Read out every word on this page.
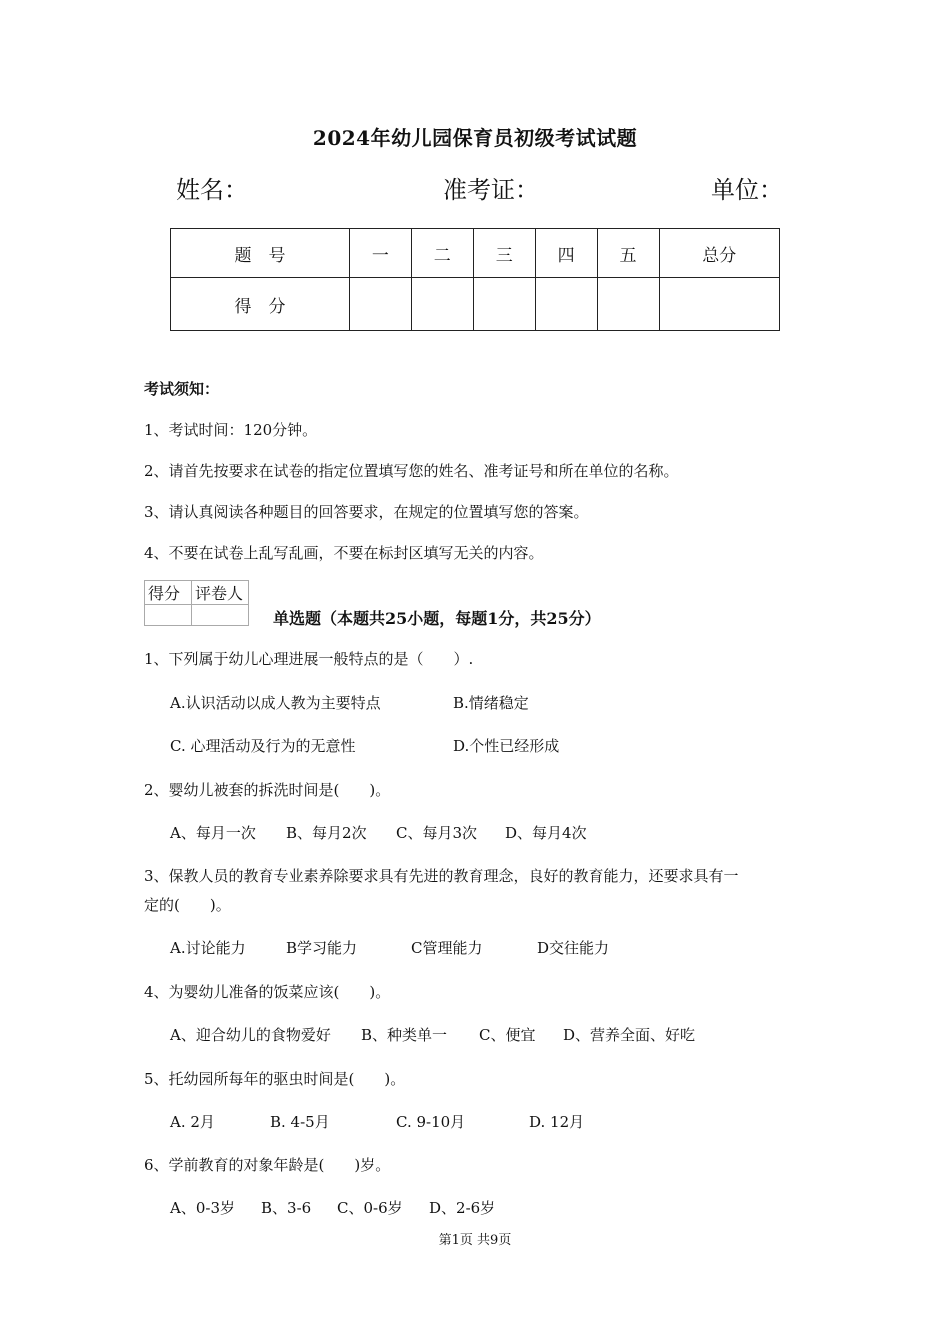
2024年幼儿园保育员初级考试试题
姓名：	准考证：	单位：
题　号	一	二	三	四	五	总分
得　分						
考试须知：
1、考试时间：120分钟。
2、请首先按要求在试卷的指定位置填写您的姓名、准考证号和所在单位的名称。
3、请认真阅读各种题目的回答要求，在规定的位置填写您的答案。
4、不要在试卷上乱写乱画，不要在标封区填写无关的内容。
得分	评卷人

单选题（本题共25小题，每题1分，共25分）
1、下列属于幼儿心理进展一般特点的是（　　）.
A.认识活动以成人教为主要特点	B.情绪稳定
C. 心理活动及行为的无意性	D.个性已经形成
2、婴幼儿被套的拆洗时间是(　　)。
A、每月一次 B、每月2次 C、每月3次 D、每月4次
3、保教人员的教育专业素养除要求具有先进的教育理念，良好的教育能力，还要求具有一
定的(　　)。
A.讨论能力	B学习能力	C管理能力	D交往能力
4、为婴幼儿准备的饭菜应该(　　)。
A、迎合幼儿的食物爱好 B、种类单一 C、便宜 D、营养全面、好吃
5、托幼园所每年的驱虫时间是(　　)。
A. 2月	B. 4-5月	C. 9-10月	D. 12月
6、学前教育的对象年龄是(　　)岁。
A、0-3岁 B、3-6 C、0-6岁 D、2-6岁
第1页 共9页
